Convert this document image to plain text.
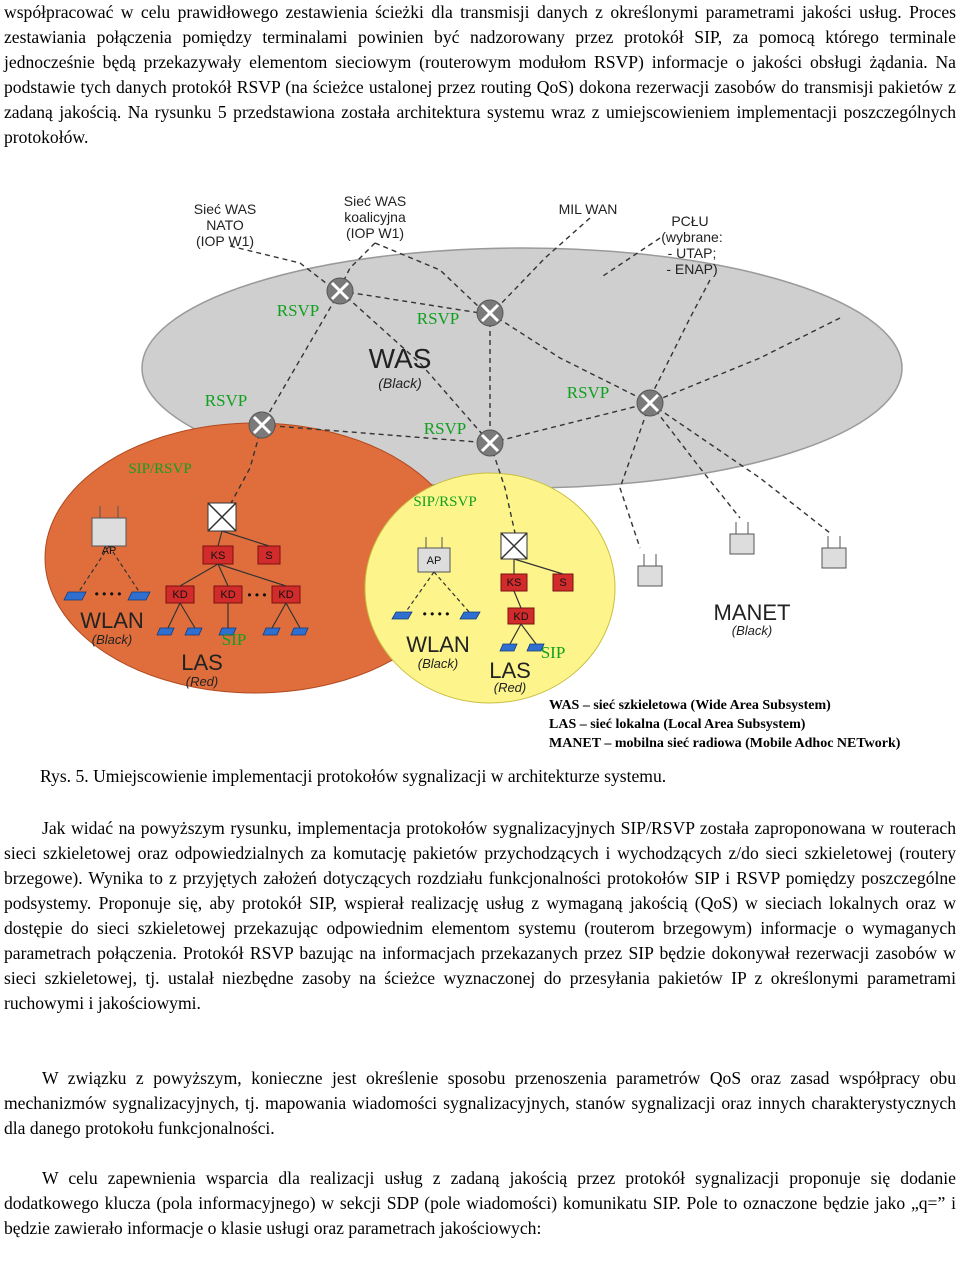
współpracować w celu prawidłowego zestawienia ścieżki dla transmisji danych z określonymi parametrami jakości usług. Proces zestawiania połączenia pomiędzy terminalami powinien być nadzorowany przez protokół SIP, za pomocą którego terminale jednocześnie będą przekazywały elementom sieciowym (routerowym modułom RSVP) informacje o jakości obsługi żądania. Na podstawie tych danych protokół RSVP (na ścieżce ustalonej przez routing QoS) dokona rezerwacji zasobów do transmisji pakietów z zadaną jakością. Na rysunku 5 przedstawiona została architektura systemu wraz z umiejscowieniem implementacji poszczególnych protokołów.

Sieć WAS
NATO
(IOP W1)
Sieć WAS
koalicyjna
(IOP W1)
MIL WAN
PCŁU
(wybrane:
- UTAP;
- ENAP)
WAS
(Black)
RSVP	RSVP
RSVP	RSVP
RSVP
SIP/RSVP
SIP/RSVP
AP	KS	S
KD	KD	KD
• • •
• • • •
WLAN
(Black)
LAS
(Red)
SIP
AP
KS	S
KD
• • • •
WLAN
(Black) LAS
(Red)
SIP
MANET
(Black)
WAS – sieć szkieletowa (Wide Area Subsystem)
LAS – sieć lokalna (Local Area Subsystem)
MANET – mobilna sieć radiowa (Mobile Adhoc NETwork)
Rys. 5. Umiejscowienie implementacji protokołów sygnalizacji w architekturze systemu.

Jak widać na powyższym rysunku, implementacja protokołów sygnalizacyjnych SIP/RSVP została zaproponowana w routerach sieci szkieletowej oraz odpowiedzialnych za komutację pakietów przychodzących i wychodzących z/do sieci szkieletowej (routery brzegowe). Wynika to z przyjętych założeń dotyczących rozdziału funkcjonalności protokołów SIP i RSVP pomiędzy poszczególne podsystemy. Proponuje się, aby protokół SIP, wspierał realizację usług z wymaganą jakością (QoS) w sieciach lokalnych oraz w dostępie do sieci szkieletowej przekazując odpowiednim elementom systemu (routerom brzegowym) informacje o wymaganych parametrach połączenia. Protokół RSVP bazując na informacjach przekazanych przez SIP będzie dokonywał rezerwacji zasobów w sieci szkieletowej, tj. ustalał niezbędne zasoby na ścieżce wyznaczonej do przesyłania pakietów IP z określonymi parametrami ruchowymi i jakościowymi.

W związku z powyższym, konieczne jest określenie sposobu przenoszenia parametrów QoS oraz zasad współpracy obu mechanizmów sygnalizacyjnych, tj. mapowania wiadomości sygnalizacyjnych, stanów sygnalizacji oraz innych charakterystycznych dla danego protokołu funkcjonalności.

W celu zapewnienia wsparcia dla realizacji usług z zadaną jakością przez protokół sygnalizacji proponuje się dodanie dodatkowego klucza (pola informacyjnego) w sekcji SDP (pole wiadomości) komunikatu SIP. Pole to oznaczone będzie jako „q=” i będzie zawierało informacje o klasie usługi oraz parametrach jakościowych:
